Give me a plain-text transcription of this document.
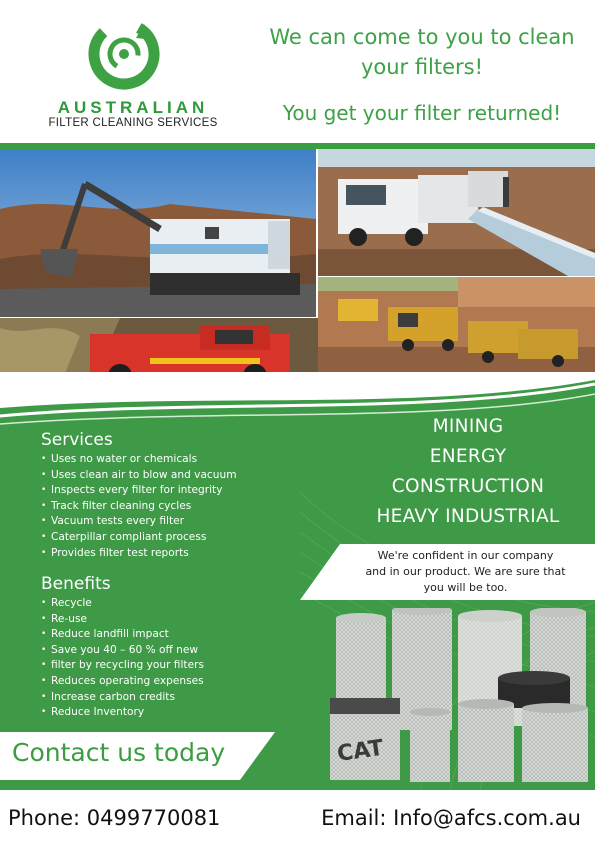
AUSTRALIAN
FILTER CLEANING SERVICES
We can come to you to clean your filters!
You get your filter returned!
Services
• Uses no water or chemicals
• Uses clean air to blow and vacuum
• Inspects every filter for integrity
• Track filter cleaning cycles
• Vacuum tests every filter
• Caterpillar compliant process
• Provides filter test reports
Benefits
• Recycle
• Re-use
• Reduce landfill impact
• Save you 40 – 60 % off new
• filter by recycling your filters
• Reduces operating expenses
• Increase carbon credits
• Reduce Inventory
MINING
ENERGY
CONSTRUCTION
HEAVY INDUSTRIAL
We're confident in our company
and in our product. We are sure that
you will be too.
CAT
Contact us today
Phone: 0499770081	Email: Info@afcs.com.au
